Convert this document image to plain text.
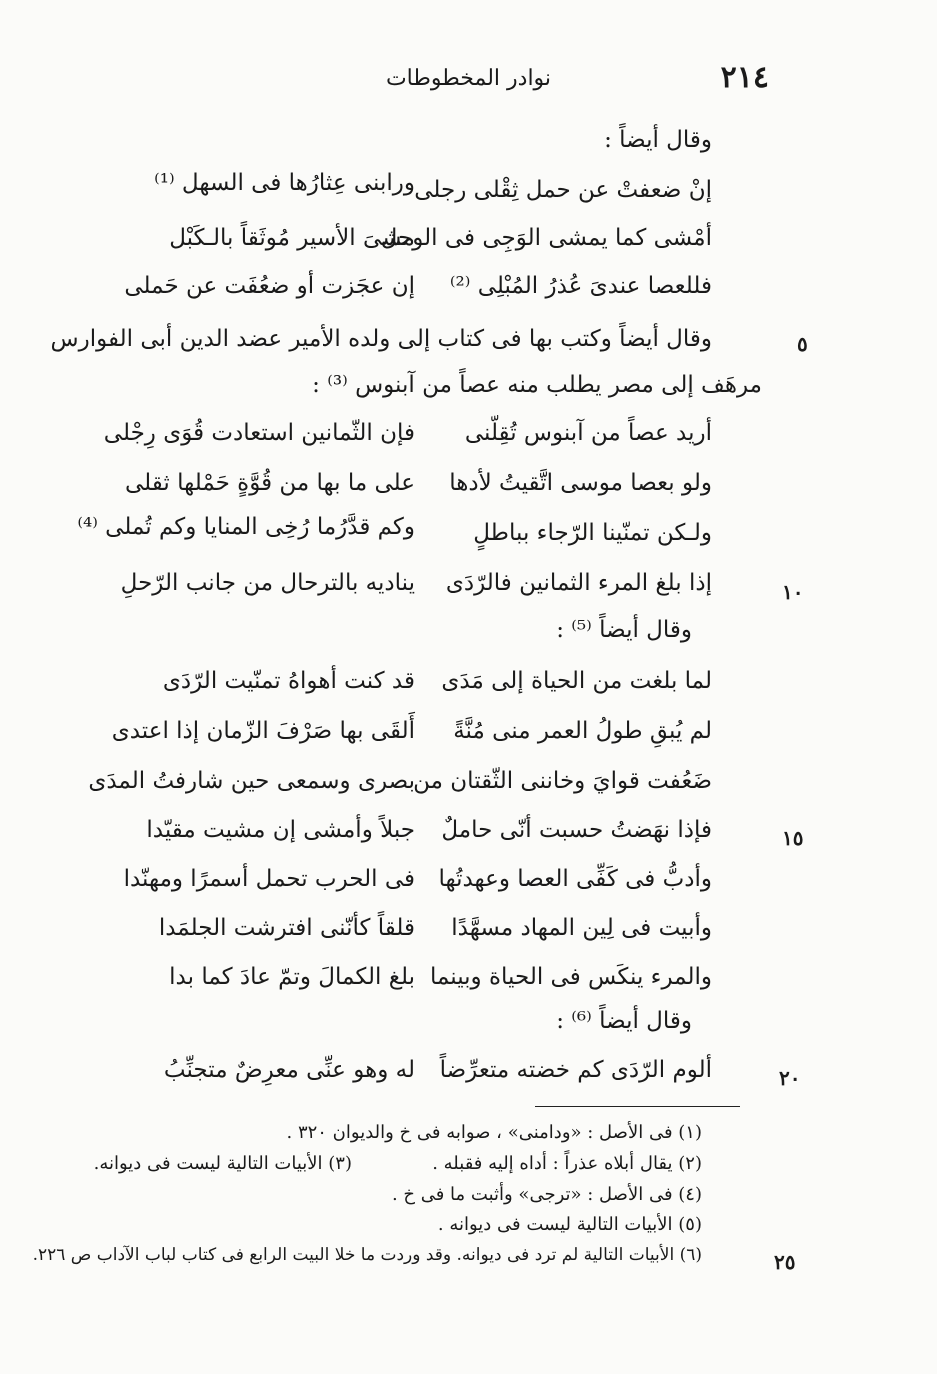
٢١٤
نوادر المخطوطات
وقال أيضاً :
إنْ ضعفتْ عن حمل ثِقْلى رجلى
ورابنى عِثارُها فى السهل ⁽¹⁾
أمْشى كما يمشى الوَجِى فى الوحل
مشىَ الأسير مُوثَقاً بالـكَبْل
فللعصا عندىَ عُذرُ المُبْلِى ⁽²⁾
إن عجَزت أو ضعُفَت عن حَملى
وقال أيضاً وكتب بها فى كتاب إلى ولده الأمير عضد الدين أبى الفوارس	٥
مرهَف إلى مصر يطلب منه عصاً من آبنوس ⁽³⁾ :
أريد عصاً من آبنوس تُقِلّنى
فإن الثّمانين استعادت قُوَى رِجْلى
ولو بعصا موسى اتَّقيتُ لأدها
على ما بها من قُوَّةٍ حَمْلها ثقلى
ولـكن تمنّينا الرّجاء بباطلٍ
وكم قدَّرُما رُخِى المنايا وكم تُملى ⁽⁴⁾
إذا بلغ المرء الثمانين فالرّدَى
يناديه بالترحال من جانب الرّحلِ	١٠
وقال أيضاً ⁽⁵⁾ :
لما بلغت من الحياة إلى مَدَى
قد كنت أهواهُ تمنّيت الرّدَى
لم يُبقِ طولُ العمر منى مُنَّةً
أَلقَى بها صَرْفَ الزّمان إذا اعتدى
ضَعُفت قوايَ وخاننى الثّقتان من
بصرى وسمعى حين شارفتُ المدَى
فإذا نهَضتُ حسبت أنّى حاملٌ
جبلاً وأمشى إن مشيت مقيّدا	١٥
وأدبُّ فى كَفِّى العصا وعهدتُها
فى الحرب تحمل أسمرًا ومهنّدا
وأبيت فى لِين المهاد مسهَّدًا
قلقاً كأنّنى افترشت الجلمَدا
والمرء ينكَس فى الحياة وبينما
بلغ الكمالَ وتمّ عادَ كما بدا
وقال أيضاً ⁽⁶⁾ :
ألوم الرّدَى كم خضته متعرِّضاً
له وهو عنِّى معرِضٌ متجنِّبُ	٢٠
(١) فى الأصل : «ودامنى» ، صوابه فى خ والديوان ٣٢٠ .
(٢) يقال أبلاه عذراً : أداه إليه فقبله .
(٣) الأبيات التالية ليست فى ديوانه.
(٤) فى الأصل : «ترجى» وأثبت ما فى خ .
(٥) الأبيات التالية ليست فى ديوانه .
(٦) الأبيات التالية لم ترد فى ديوانه. وقد وردت ما خلا البيت الرابع فى كتاب لباب الآداب ص ٢٢٦.	٢٥
